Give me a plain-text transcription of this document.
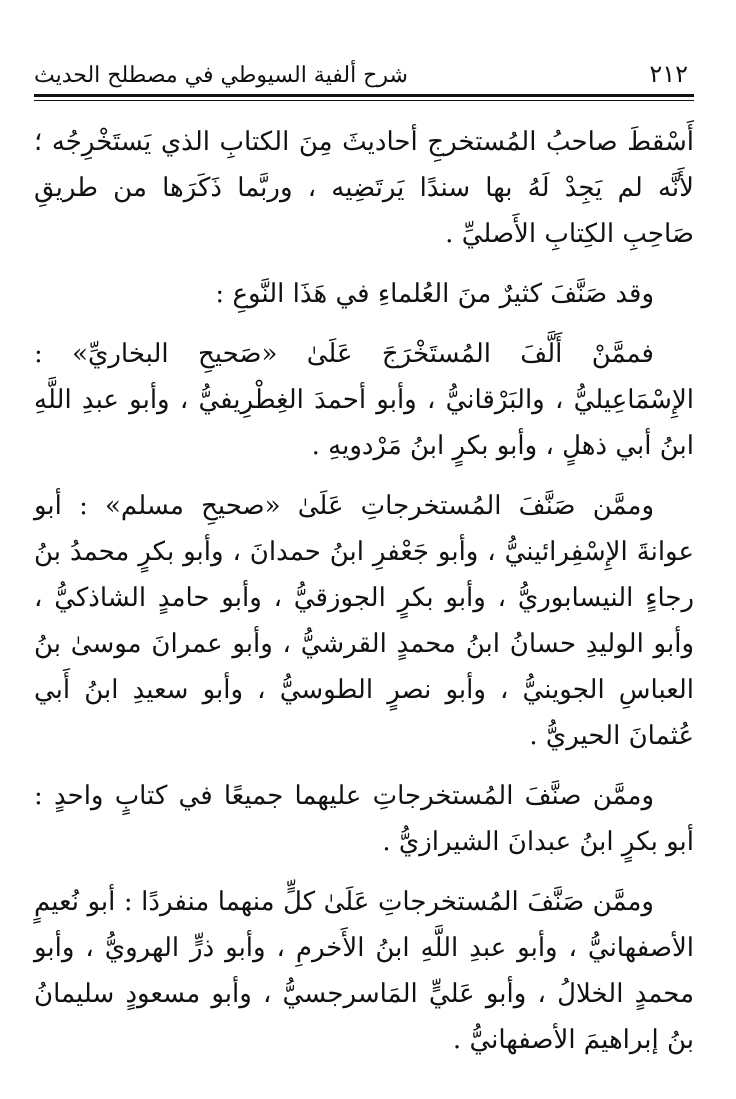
٢١٢
شرح ألفية السيوطي في مصطلح الحديث

أَسْقطَ صاحبُ المُستخرجِ أحاديثَ مِنَ الكتابِ الذي يَستَخْرِجُه ؛ لأَنَّه لم يَجِدْ لَهُ بها سندًا يَرتَضِيه ، وربَّما ذَكَرَها من طريقِ صَاحِبِ الكِتابِ الأَصليِّ .

وقد صَنَّفَ كثيرٌ منَ العُلماءِ في هَذَا النَّوعِ :

فممَّنْ أَلَّفَ المُستَخْرَجَ عَلَىٰ «صَحيحِ البخاريِّ» : الإِسْمَاعِيليُّ ، والبَرْقانيُّ ، وأبو أحمدَ الغِطْرِيفيُّ ، وأبو عبدِ اللَّهِ ابنُ أبي ذهلٍ ، وأبو بكرٍ ابنُ مَرْدويهِ .

وممَّن صَنَّفَ المُستخرجاتِ عَلَىٰ «صحيحِ مسلم» : أبو عوانةَ الإِسْفِرائينيُّ ، وأبو جَعْفرِ ابنُ حمدانَ ، وأبو بكرٍ محمدُ بنُ رجاءٍ النيسابوريُّ ، وأبو بكرٍ الجوزقيُّ ، وأبو حامدٍ الشاذكيُّ ، وأبو الوليدِ حسانُ ابنُ محمدٍ القرشيُّ ، وأبو عمرانَ موسىٰ بنُ العباسِ الجوينيُّ ، وأبو نصرٍ الطوسيُّ ، وأبو سعيدِ ابنُ أَبي عُثمانَ الحيريُّ .

وممَّن صنَّفَ المُستخرجاتِ عليهما جميعًا في كتابٍ واحدٍ : أبو بكرٍ ابنُ عبدانَ الشيرازيُّ .

وممَّن صَنَّفَ المُستخرجاتِ عَلَىٰ كلٍّ منهما منفردًا : أبو نُعيمٍ الأصفهانيُّ ، وأبو عبدِ اللَّهِ ابنُ الأَخرمِ ، وأبو ذرٍّ الهرويُّ ، وأبو محمدٍ الخلالُ ، وأبو عَليٍّ المَاسرجسيُّ ، وأبو مسعودٍ سليمانُ بنُ إبراهيمَ الأصفهانيُّ .
